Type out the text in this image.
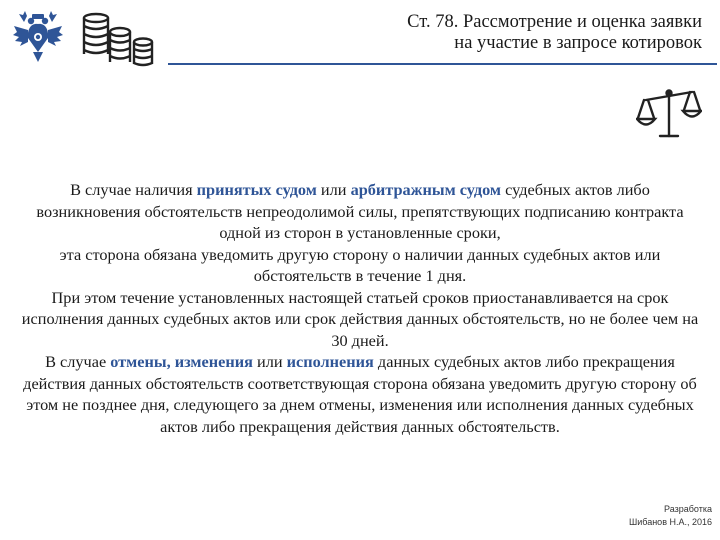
Ст. 78. Рассмотрение и оценка заявки
на участие в запросе котировок

В случае наличия принятых судом или арбитражным судом судебных актов либо возникновения обстоятельств непреодолимой силы, препятствующих подписанию контракта одной из сторон в установленные сроки,

эта сторона обязана уведомить другую сторону о наличии данных судебных актов или обстоятельств в течение 1 дня.

При этом течение установленных настоящей статьей сроков приостанавливается на срок исполнения данных судебных актов или срок действия данных обстоятельств, но не более чем на 30 дней.

В случае отмены, изменения или исполнения данных судебных актов либо прекращения действия данных обстоятельств соответствующая сторона обязана уведомить другую сторону об этом не позднее дня, следующего за днем отмены, изменения или исполнения данных судебных актов либо прекращения действия данных обстоятельств.

Разработка
Шибанов Н.А., 2016
